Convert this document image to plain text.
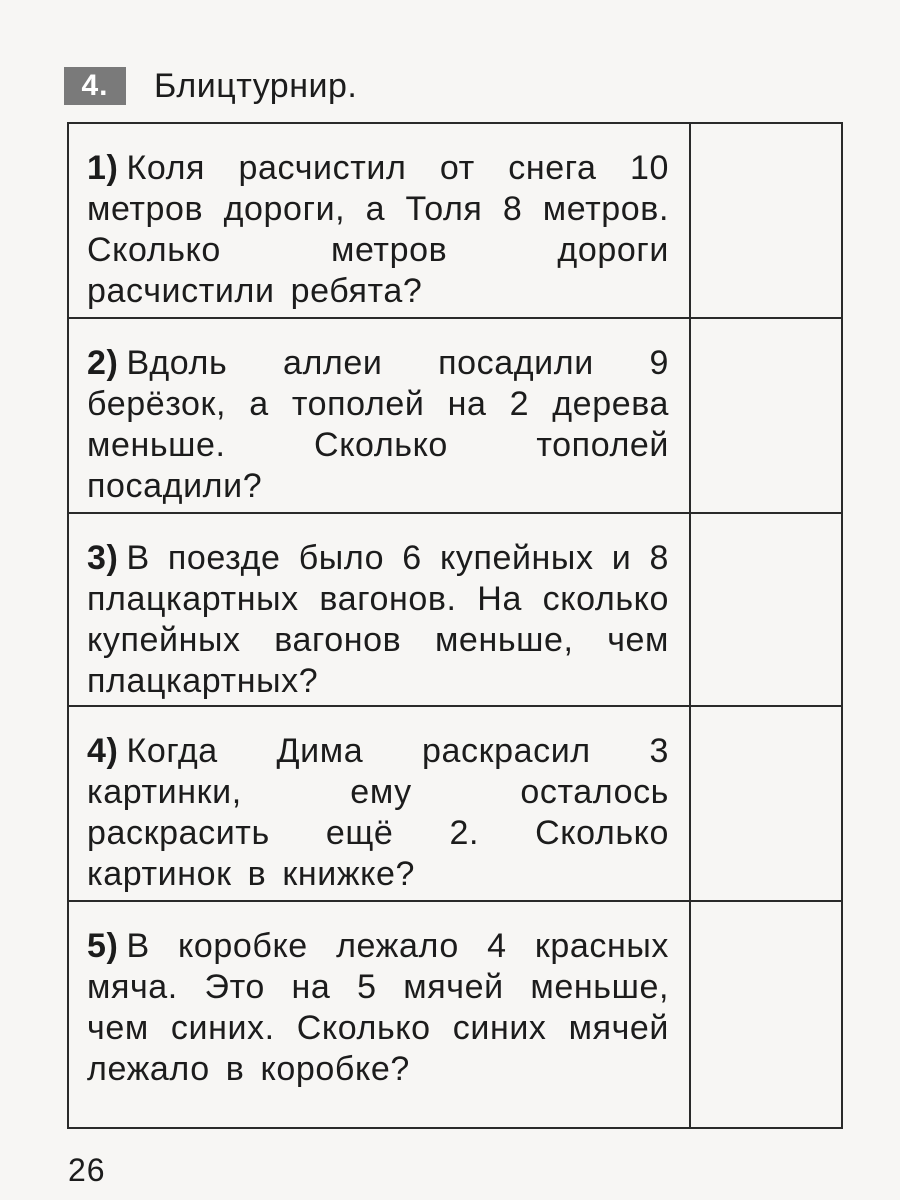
4.	Блицтурнир.
1) Коля расчистил от снега 10 метров дороги, а Толя 8 метров. Сколько метров дороги расчистили ребята?	

2) Вдоль аллеи посадили 9 берёзок, а тополей на 2 дерева меньше. Сколько тополей посадили?	

3) В поезде было 6 купейных и 8 плацкартных вагонов. На сколько купейных вагонов меньше, чем плацкартных?	

4) Когда Дима раскрасил 3 картинки, ему осталось раскрасить ещё 2. Сколько картинок в книжке?	

5) В коробке лежало 4 красных мяча. Это на 5 мячей меньше, чем синих. Сколько синих мячей лежало в коробке?	

26
